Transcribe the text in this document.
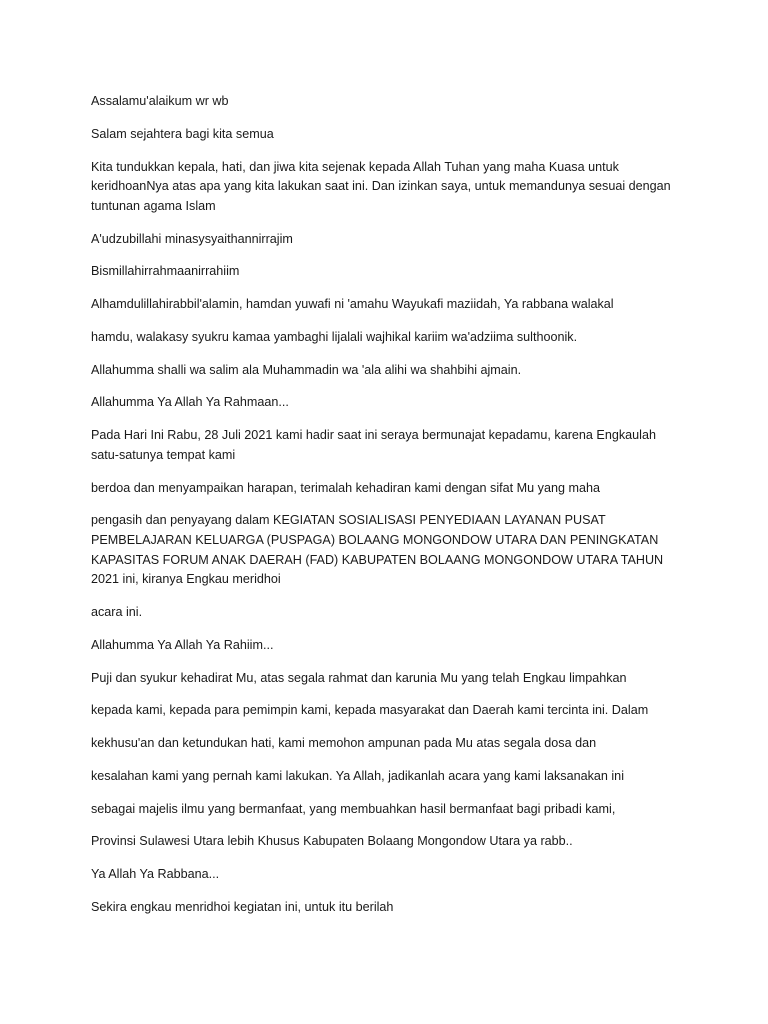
Assalamu'alaikum wr wb

Salam sejahtera bagi kita semua

Kita tundukkan kepala, hati, dan jiwa kita sejenak kepada Allah Tuhan yang maha Kuasa untuk keridhoanNya atas apa yang kita lakukan saat ini. Dan izinkan saya, untuk memandunya sesuai dengan tuntunan agama Islam

A'udzubillahi minasysyaithannirrajim

Bismillahirrahmaanirrahiim

Alhamdulillahirabbil'alamin, hamdan yuwafi ni 'amahu Wayukafi maziidah, Ya rabbana walakal

hamdu, walakasy syukru kamaa yambaghi lijalali wajhikal kariim wa'adziima sulthoonik.

Allahumma shalli wa salim ala Muhammadin wa 'ala alihi wa shahbihi ajmain.

Allahumma Ya Allah Ya Rahmaan...

Pada Hari Ini Rabu, 28 Juli 2021 kami hadir saat ini seraya bermunajat kepadamu, karena Engkaulah satu-satunya tempat kami

berdoa dan menyampaikan harapan, terimalah kehadiran kami dengan sifat Mu yang maha

pengasih dan penyayang dalam KEGIATAN SOSIALISASI PENYEDIAAN LAYANAN PUSAT PEMBELAJARAN KELUARGA (PUSPAGA) BOLAANG MONGONDOW UTARA DAN PENINGKATAN KAPASITAS FORUM ANAK DAERAH (FAD) KABUPATEN BOLAANG MONGONDOW UTARA TAHUN 2021 ini, kiranya Engkau meridhoi

acara ini.

Allahumma Ya Allah Ya Rahiim...

Puji dan syukur kehadirat Mu, atas segala rahmat dan karunia Mu yang telah Engkau limpahkan

kepada kami, kepada para pemimpin kami, kepada masyarakat dan Daerah kami tercinta ini. Dalam

kekhusu'an dan ketundukan hati, kami memohon ampunan pada Mu atas segala dosa dan

kesalahan kami yang pernah kami lakukan. Ya Allah, jadikanlah acara yang kami laksanakan ini

sebagai majelis ilmu yang bermanfaat, yang membuahkan hasil bermanfaat bagi pribadi kami,

Provinsi Sulawesi Utara lebih Khusus Kabupaten Bolaang Mongondow Utara ya rabb..

Ya Allah Ya Rabbana...

Sekira engkau menridhoi kegiatan ini, untuk itu berilah
